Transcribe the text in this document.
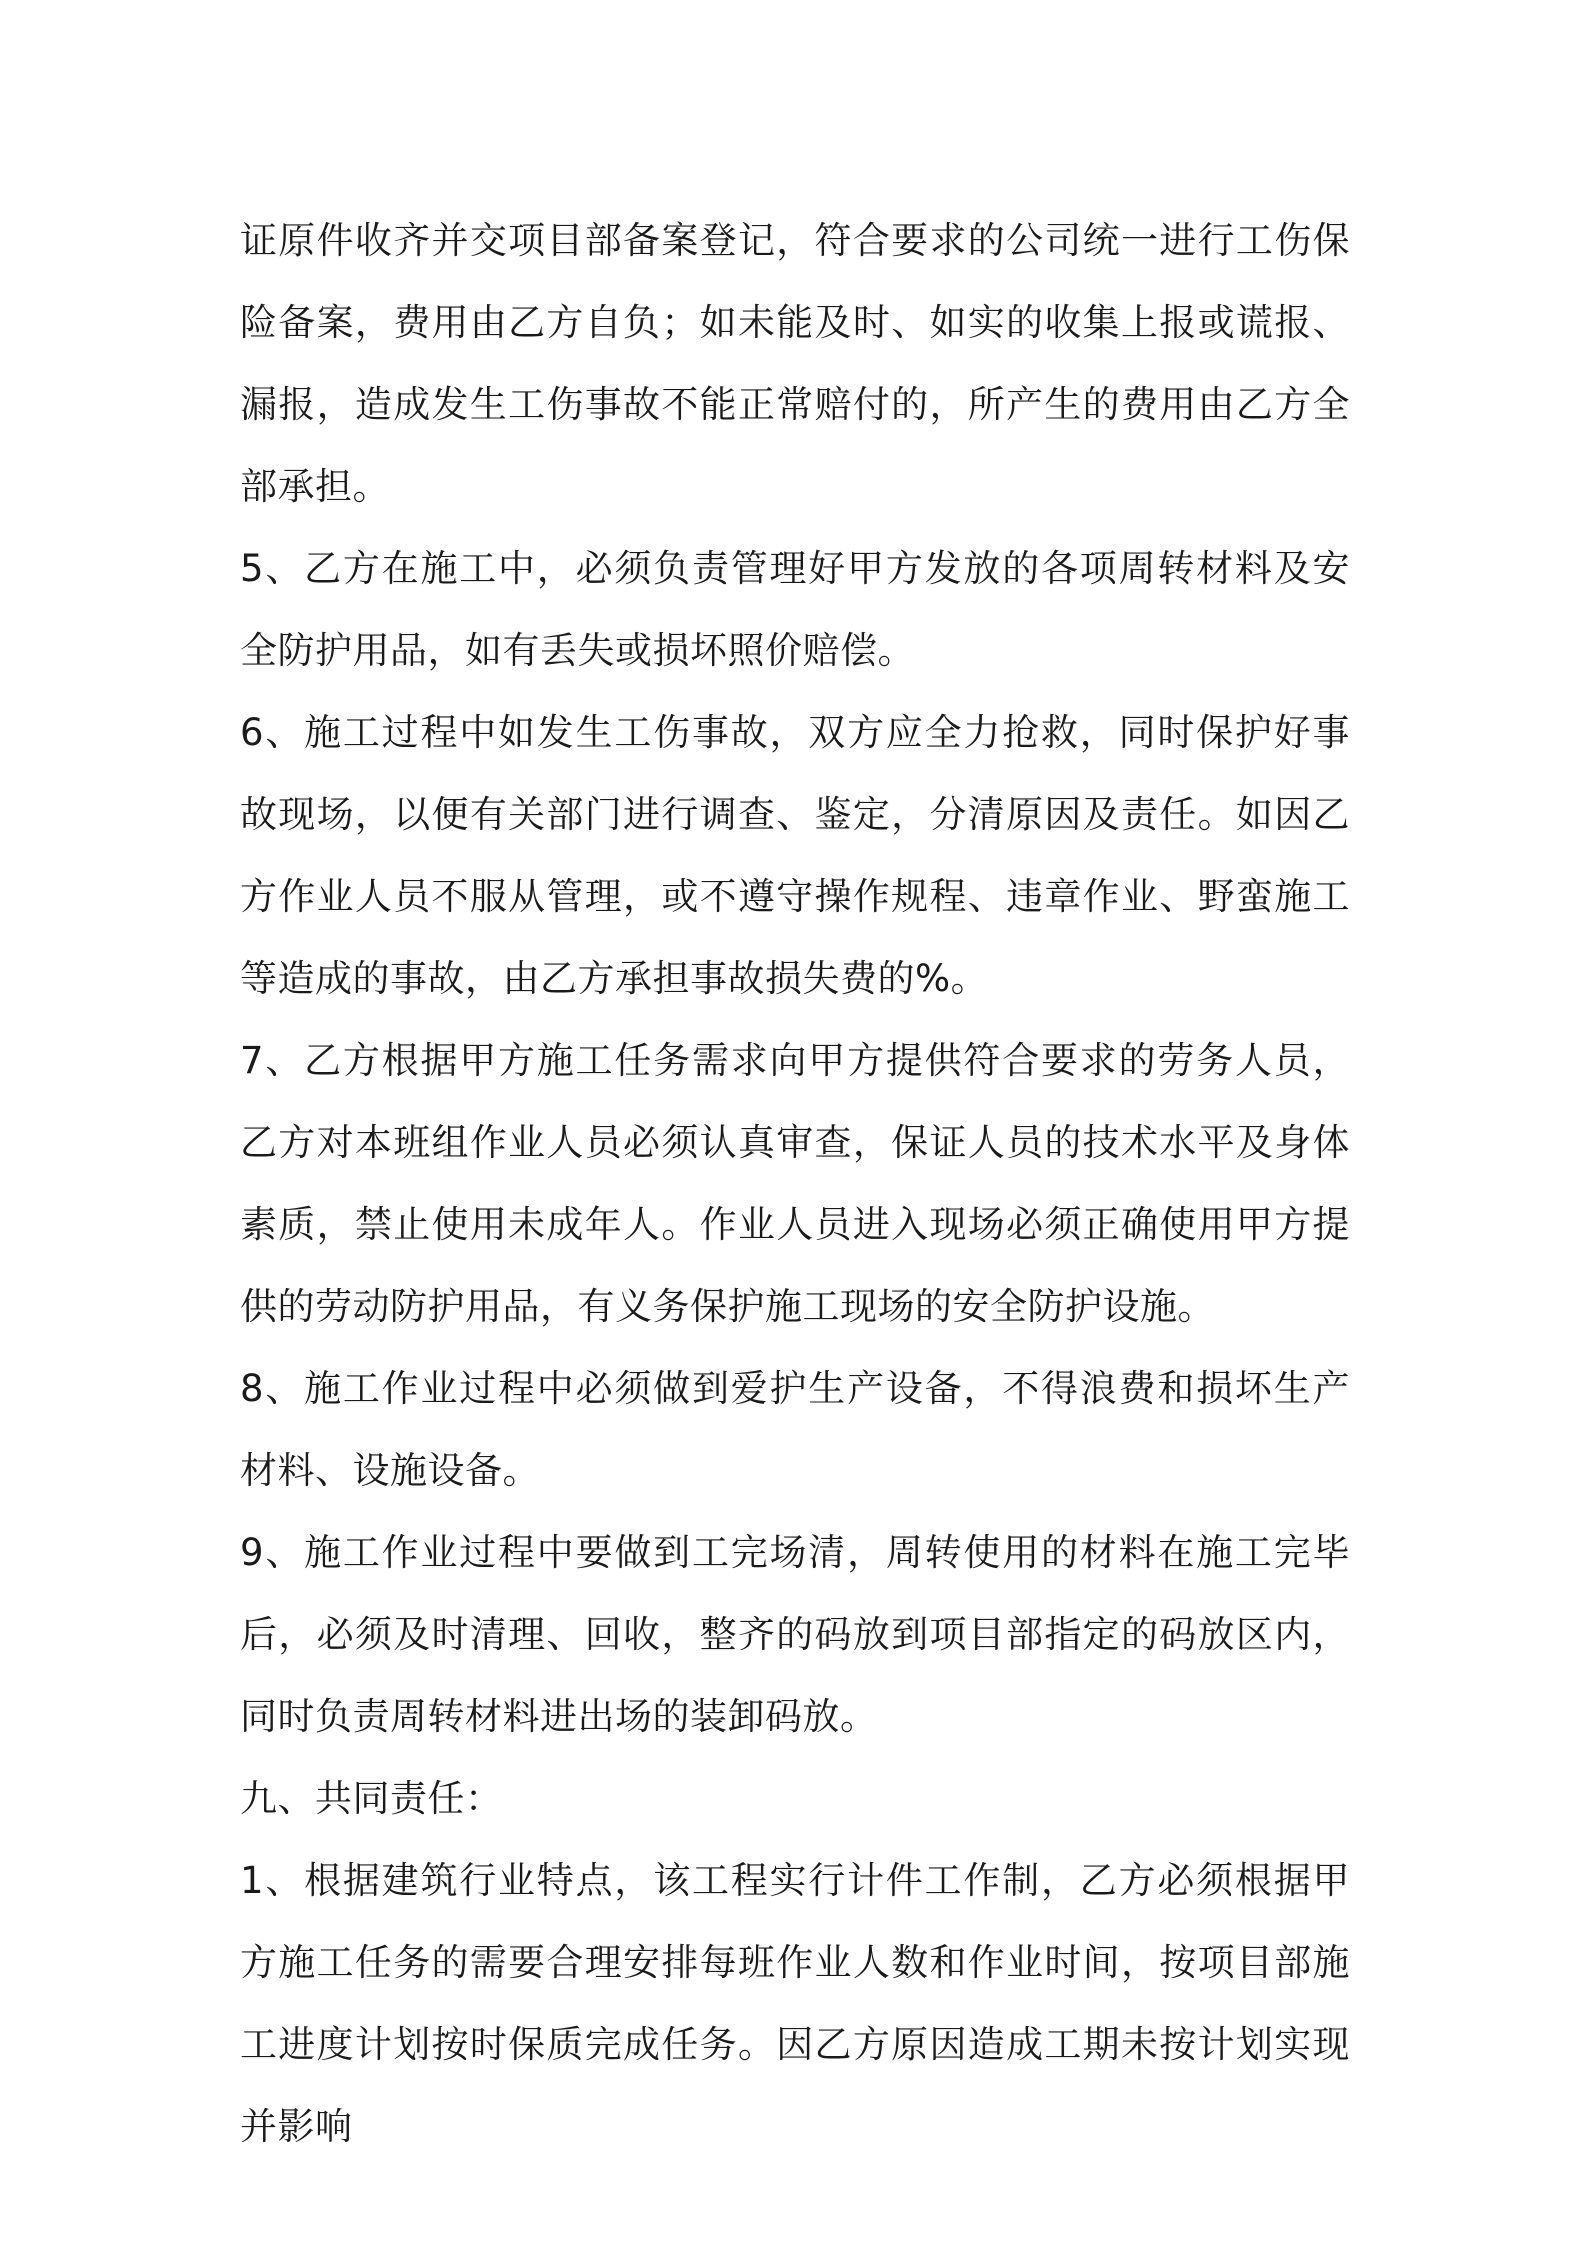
证原件收齐并交项目部备案登记，符合要求的公司统一进行工伤保险备案，费用由乙方自负；如未能及时、如实的收集上报或谎报、漏报，造成发生工伤事故不能正常赔付的，所产生的费用由乙方全部承担。

5、乙方在施工中，必须负责管理好甲方发放的各项周转材料及安全防护用品，如有丢失或损坏照价赔偿。

6、施工过程中如发生工伤事故，双方应全力抢救，同时保护好事故现场，以便有关部门进行调查、鉴定，分清原因及责任。如因乙方作业人员不服从管理，或不遵守操作规程、违章作业、野蛮施工等造成的事故，由乙方承担事故损失费的%。

7、乙方根据甲方施工任务需求向甲方提供符合要求的劳务人员，乙方对本班组作业人员必须认真审查，保证人员的技术水平及身体素质，禁止使用未成年人。作业人员进入现场必须正确使用甲方提供的劳动防护用品，有义务保护施工现场的安全防护设施。

8、施工作业过程中必须做到爱护生产设备，不得浪费和损坏生产材料、设施设备。

9、施工作业过程中要做到工完场清，周转使用的材料在施工完毕后，必须及时清理、回收，整齐的码放到项目部指定的码放区内，同时负责周转材料进出场的装卸码放。

九、共同责任：

1、根据建筑行业特点，该工程实行计件工作制，乙方必须根据甲方施工任务的需要合理安排每班作业人数和作业时间，按项目部施工进度计划按时保质完成任务。因乙方原因造成工期未按计划实现并影响
